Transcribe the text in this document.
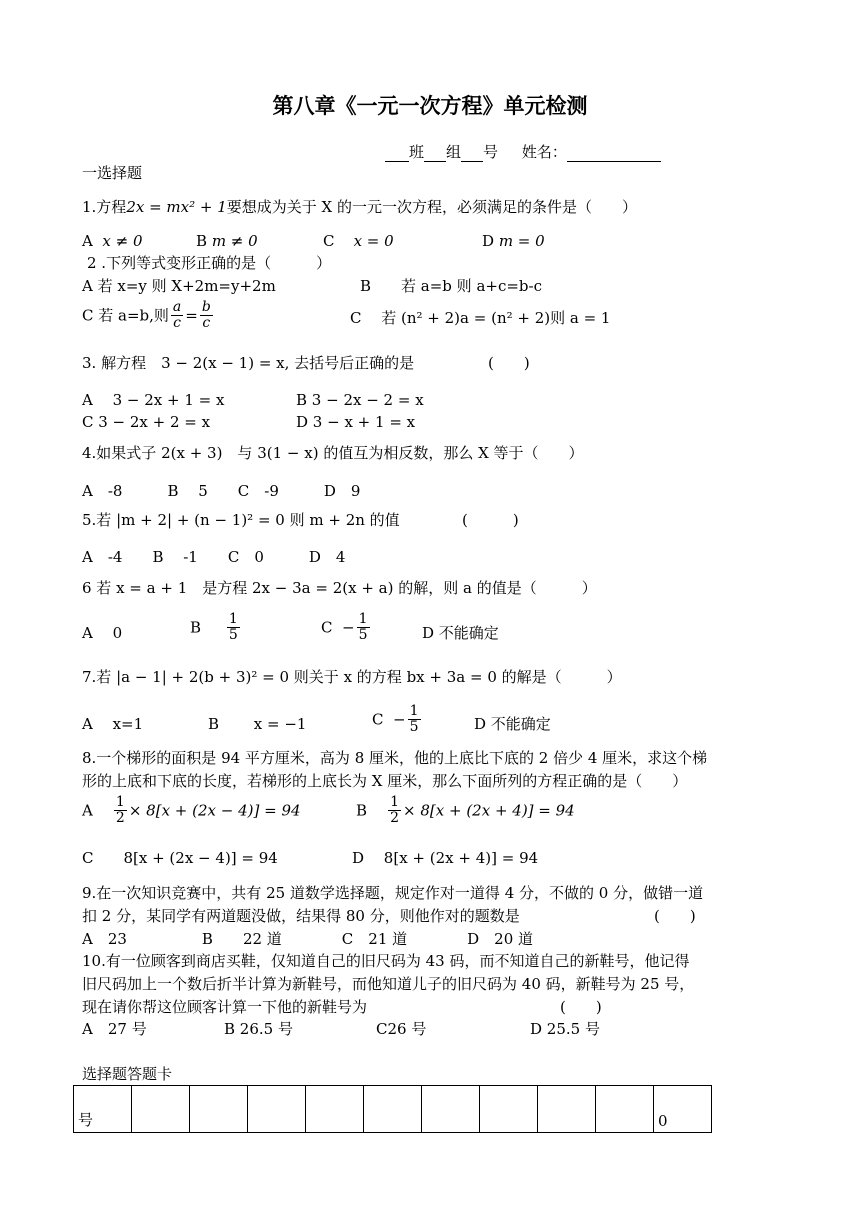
第八章《一元一次方程》单元检测
班 组 号 姓名：
一选择题
1.方程2x = mx² + 1要想成为关于 X 的一元一次方程，必须满足的条件是（　　）
A x ≠ 0	B m ≠ 0	C x = 0	D m = 0
2 .下列等式变形正确的是（　　　）
A 若 x=y 则 X+2m=y+2m	B　　若 a=b 则 a+c=b-c
C 若 a=b,则 $\frac{a}{c} = \frac{b}{c}$	C　 若 (n² + 2)a = (n² + 2)则 a = 1
3. 解方程　3 − 2(x − 1) = x, 去括号后正确的是	(　　)
A　 3 − 2x + 1 = x	B 3 − 2x − 2 = x
C 3 − 2x + 2 = x	D 3 − x + 1 = x
4.如果式子 2(x + 3)　与 3(1 − x) 的值互为相反数，那么 X 等于（　　）
A　-8　　　B　 5　　C　-9　　　D　9
5.若 |m + 2| + (n − 1)² = 0 则 m + 2n 的值	(　　　)
A　-4　　B　 -1　　C　0　　　D　4
6 若 x = a + 1　是方程 2x − 3a = 2(x + a) 的解，则 a 的值是（　　　）
A　 0	B $\frac{1}{5}$	$C - \frac{1}{5}$	D 不能确定
7.若 |a − 1| + 2(b + 3)² = 0 则关于 x 的方程 bx + 3a = 0 的解是（　　　）
A　 x=1	B　　 x = −1	$C - \frac{1}{5}$	D 不能确定
8.一个梯形的面积是 94 平方厘米，高为 8 厘米，他的上底比下底的 2 倍少 4 厘米，求这个梯
形的上底和下底的长度，若梯形的上底长为 X 厘米，那么下面所列的方程正确的是（　　）
A $\frac{1}{2} \times 8[x + (2x - 4)] = 94$	B $\frac{1}{2} \times 8[x + (2x + 4)] = 94$
C　　8[x + (2x − 4)] = 94	D　 8[x + (2x + 4)] = 94
9.在一次知识竞赛中，共有 25 道数学选择题，规定作对一道得 4 分，不做的 0 分，做错一道
扣 2 分，某同学有两道题没做，结果得 80 分，则他作对的题数是	(　　)
A　23　　　　　B　　22 道　　　　C　21 道　　　　D　20 道
10.有一位顾客到商店买鞋，仅知道自己的旧尺码为 43 码，而不知道自己的新鞋号，他记得
旧尺码加上一个数后折半计算为新鞋号，而他知道儿子的旧尺码为 40 码，新鞋号为 25 号，
现在请你帮这位顾客计算一下他的新鞋号为	(　　)
A　27 号	B 26.5 号	C26 号	D 25.5 号
选择题答题卡
号										0
